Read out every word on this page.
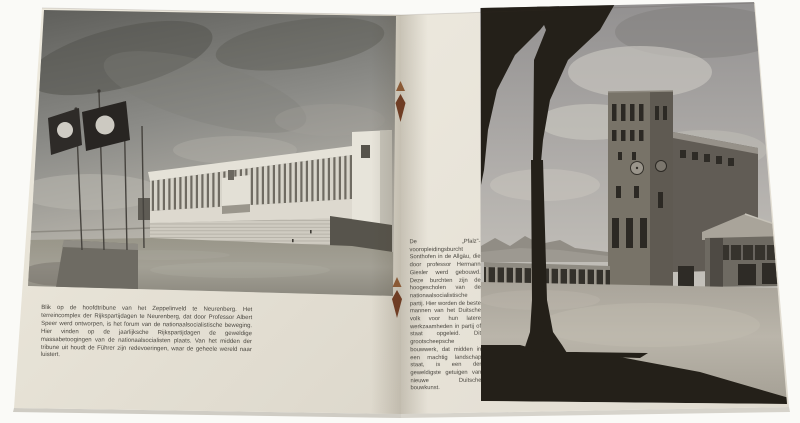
Blik op de hoofdtribune van het Zeppelinveld te Neurenberg. Het terreincomplex der Rijkspartijdagen te Neurenberg, dat door Professor Albert Speer werd ontworpen, is het forum van de nationaalsocialistische beweging. Hier vinden op de jaarlijksche Rijkspartijdagen de geweldige massabetoogingen van de nationaalsocialisten plaats. Van het midden der tribune uit houdt de Führer zijn redevoeringen, waar de geheele wereld naar luistert.
De „Pfalz”-vooropleidingsburcht Sonthofen in de Allgäu, die door professor Hermann Giesler werd gebouwd. Deze burchten zijn de hoogescholen van de nationaalsocialistische partij. Hier worden de beste mannen van het Duitsche volk voor hun latere werkzaamheden in partij of staat opgeleid. Dit grootscheepsche bouwwerk, dat midden in een machtig landschap staat, is een der geweldigste getuigen van nieuwe Duitsche bouwkunst.
